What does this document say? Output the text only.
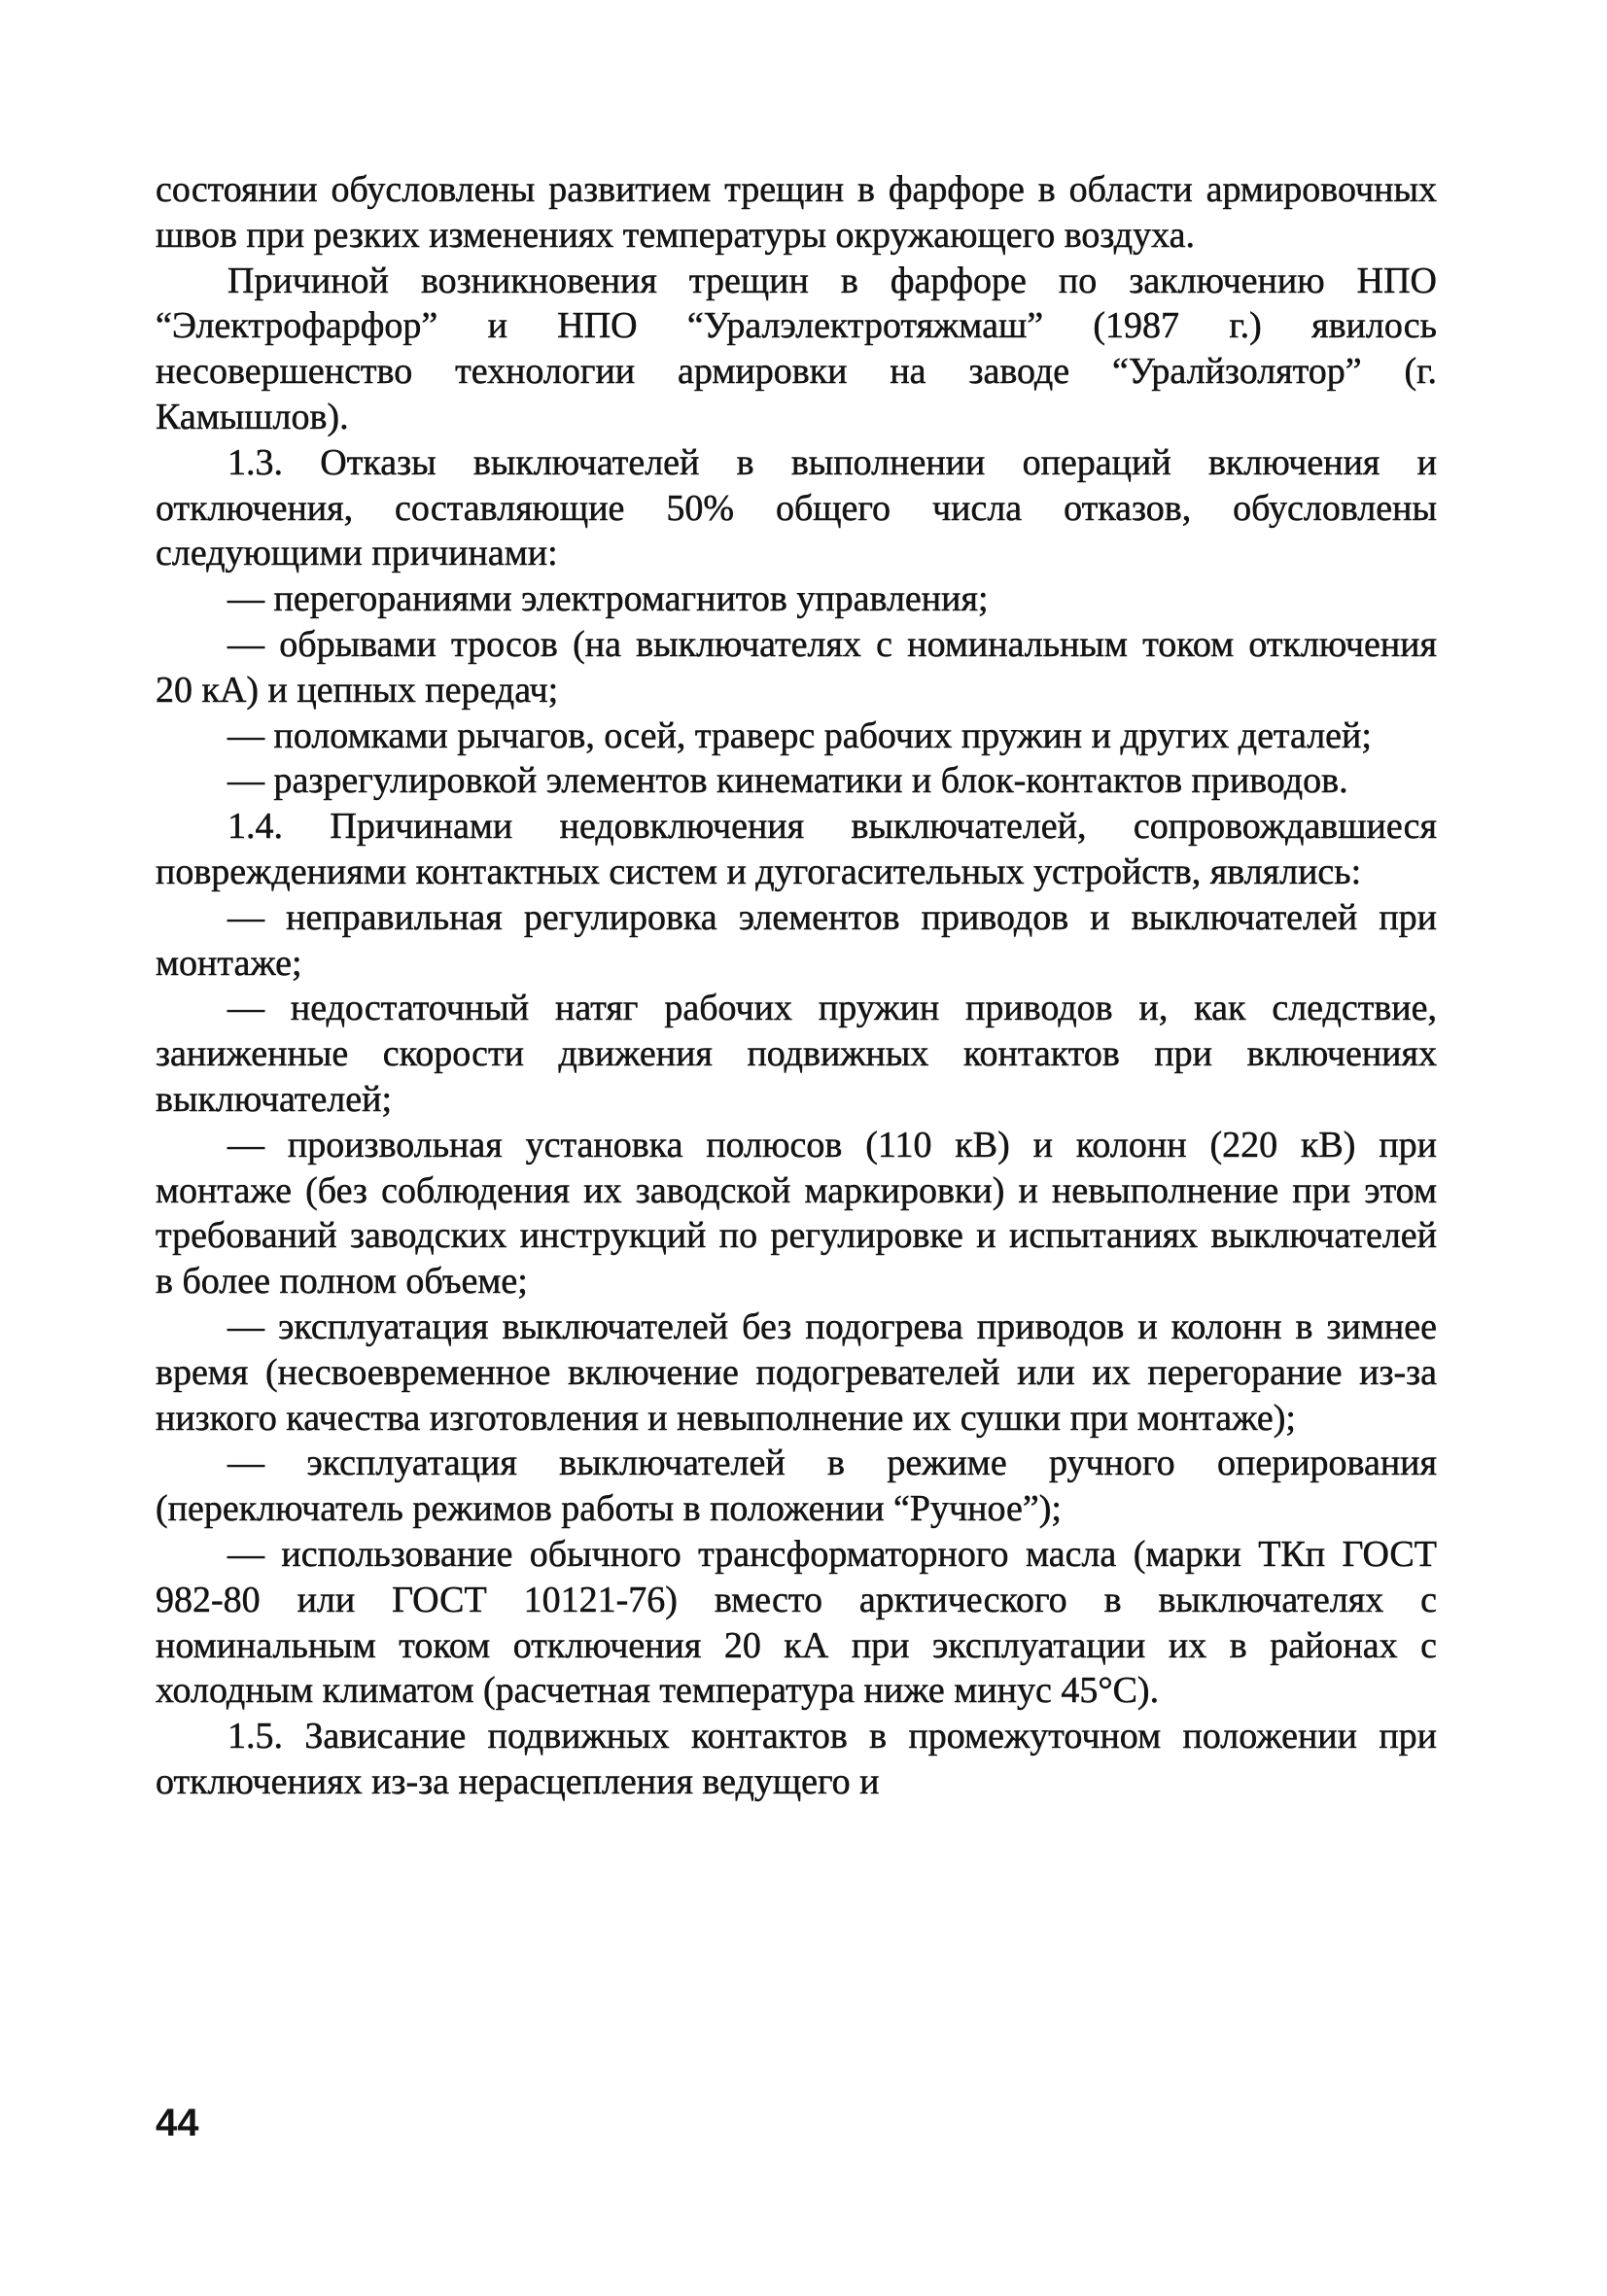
состоянии обусловлены развитием трещин в фарфоре в области армировочных швов при резких изменениях температуры окружающего воздуха.

Причиной возникновения трещин в фарфоре по заключению НПО “Электрофарфор” и НПО “Уралэлектротяжмаш” (1987 г.) явилось несовершенство технологии армировки на заводе “Уралйзолятор” (г. Камышлов).

1.3. Отказы выключателей в выполнении операций включения и отключения, составляющие 50% общего числа отказов, обусловлены следующими причинами:

— перегораниями электромагнитов управления;

— обрывами тросов (на выключателях с номинальным током отключения 20 кА) и цепных передач;

— поломками рычагов, осей, траверс рабочих пружин и других деталей;

— разрегулировкой элементов кинематики и блок-контактов приводов.

1.4. Причинами недовключения выключателей, сопровождавшиеся повреждениями контактных систем и дугогасительных устройств, являлись:

— неправильная регулировка элементов приводов и выключателей при монтаже;

— недостаточный натяг рабочих пружин приводов и, как следствие, заниженные скорости движения подвижных контактов при включениях выключателей;

— произвольная установка полюсов (110 кВ) и колонн (220 кВ) при монтаже (без соблюдения их заводской маркировки) и невыполнение при этом требований заводских инструкций по регулировке и испытаниях выключателей в более полном объеме;

— эксплуатация выключателей без подогрева приводов и колонн в зимнее время (несвоевременное включение подогревателей или их перегорание из-за низкого качества изготовления и невыполнение их сушки при монтаже);

— эксплуатация выключателей в режиме ручного оперирования (переключатель режимов работы в положении “Ручное”);

— использование обычного трансформаторного масла (марки ТКп ГОСТ 982-80 или ГОСТ 10121-76) вместо арктического в выключателях с номинальным током отключения 20 кА при эксплуатации их в районах с холодным климатом (расчетная температура ниже минус 45°С).

1.5. Зависание подвижных контактов в промежуточном положении при отключениях из-за нерасцепления ведущего и

44
